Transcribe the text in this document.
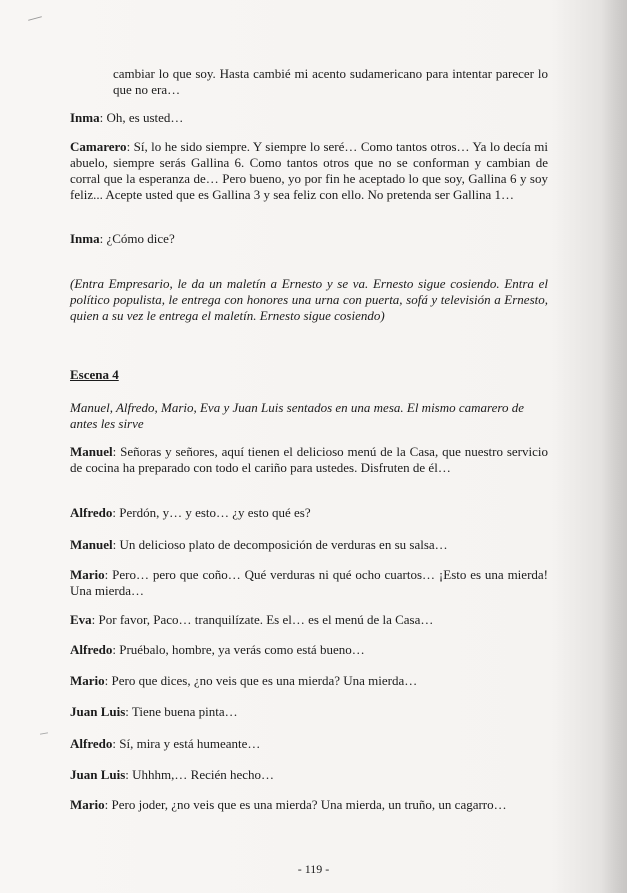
cambiar lo que soy. Hasta cambié mi acento sudamericano para intentar parecer lo que no era…
Inma: Oh, es usted…
Camarero: Sí, lo he sido siempre. Y siempre lo seré… Como tantos otros… Ya lo decía mi abuelo, siempre serás Gallina 6. Como tantos otros que no se conforman y cambian de corral que la esperanza de… Pero bueno, yo por fin he aceptado lo que soy, Gallina 6 y soy feliz... Acepte usted que es Gallina 3 y sea feliz con ello. No pretenda ser Gallina 1…
Inma: ¿Cómo dice?
(Entra Empresario, le da un maletín a Ernesto y se va. Ernesto sigue cosiendo. Entra el político populista, le entrega con honores una urna con puerta, sofá y televisión a Ernesto, quien a su vez le entrega el maletín. Ernesto sigue cosiendo)
Escena 4
Manuel, Alfredo, Mario, Eva y Juan Luis sentados en una mesa. El mismo camarero de antes les sirve
Manuel: Señoras y señores, aquí tienen el delicioso menú de la Casa, que nuestro servicio de cocina ha preparado con todo el cariño para ustedes. Disfruten de él…
Alfredo: Perdón, y… y esto… ¿y esto qué es?
Manuel: Un delicioso plato de decomposición de verduras en su salsa…
Mario: Pero… pero que coño… Qué verduras ni qué ocho cuartos… ¡Esto es una mierda! Una mierda…
Eva: Por favor, Paco… tranquilízate. Es el… es el menú de la Casa…
Alfredo: Pruébalo, hombre, ya verás como está bueno…
Mario: Pero que dices, ¿no veis que es una mierda? Una mierda…
Juan Luis: Tiene buena pinta…
Alfredo: Sí, mira y está humeante…
Juan Luis: Uhhhm,… Recién hecho…
Mario: Pero joder, ¿no veis que es una mierda? Una mierda, un truño, un cagarro…
- 119 -
